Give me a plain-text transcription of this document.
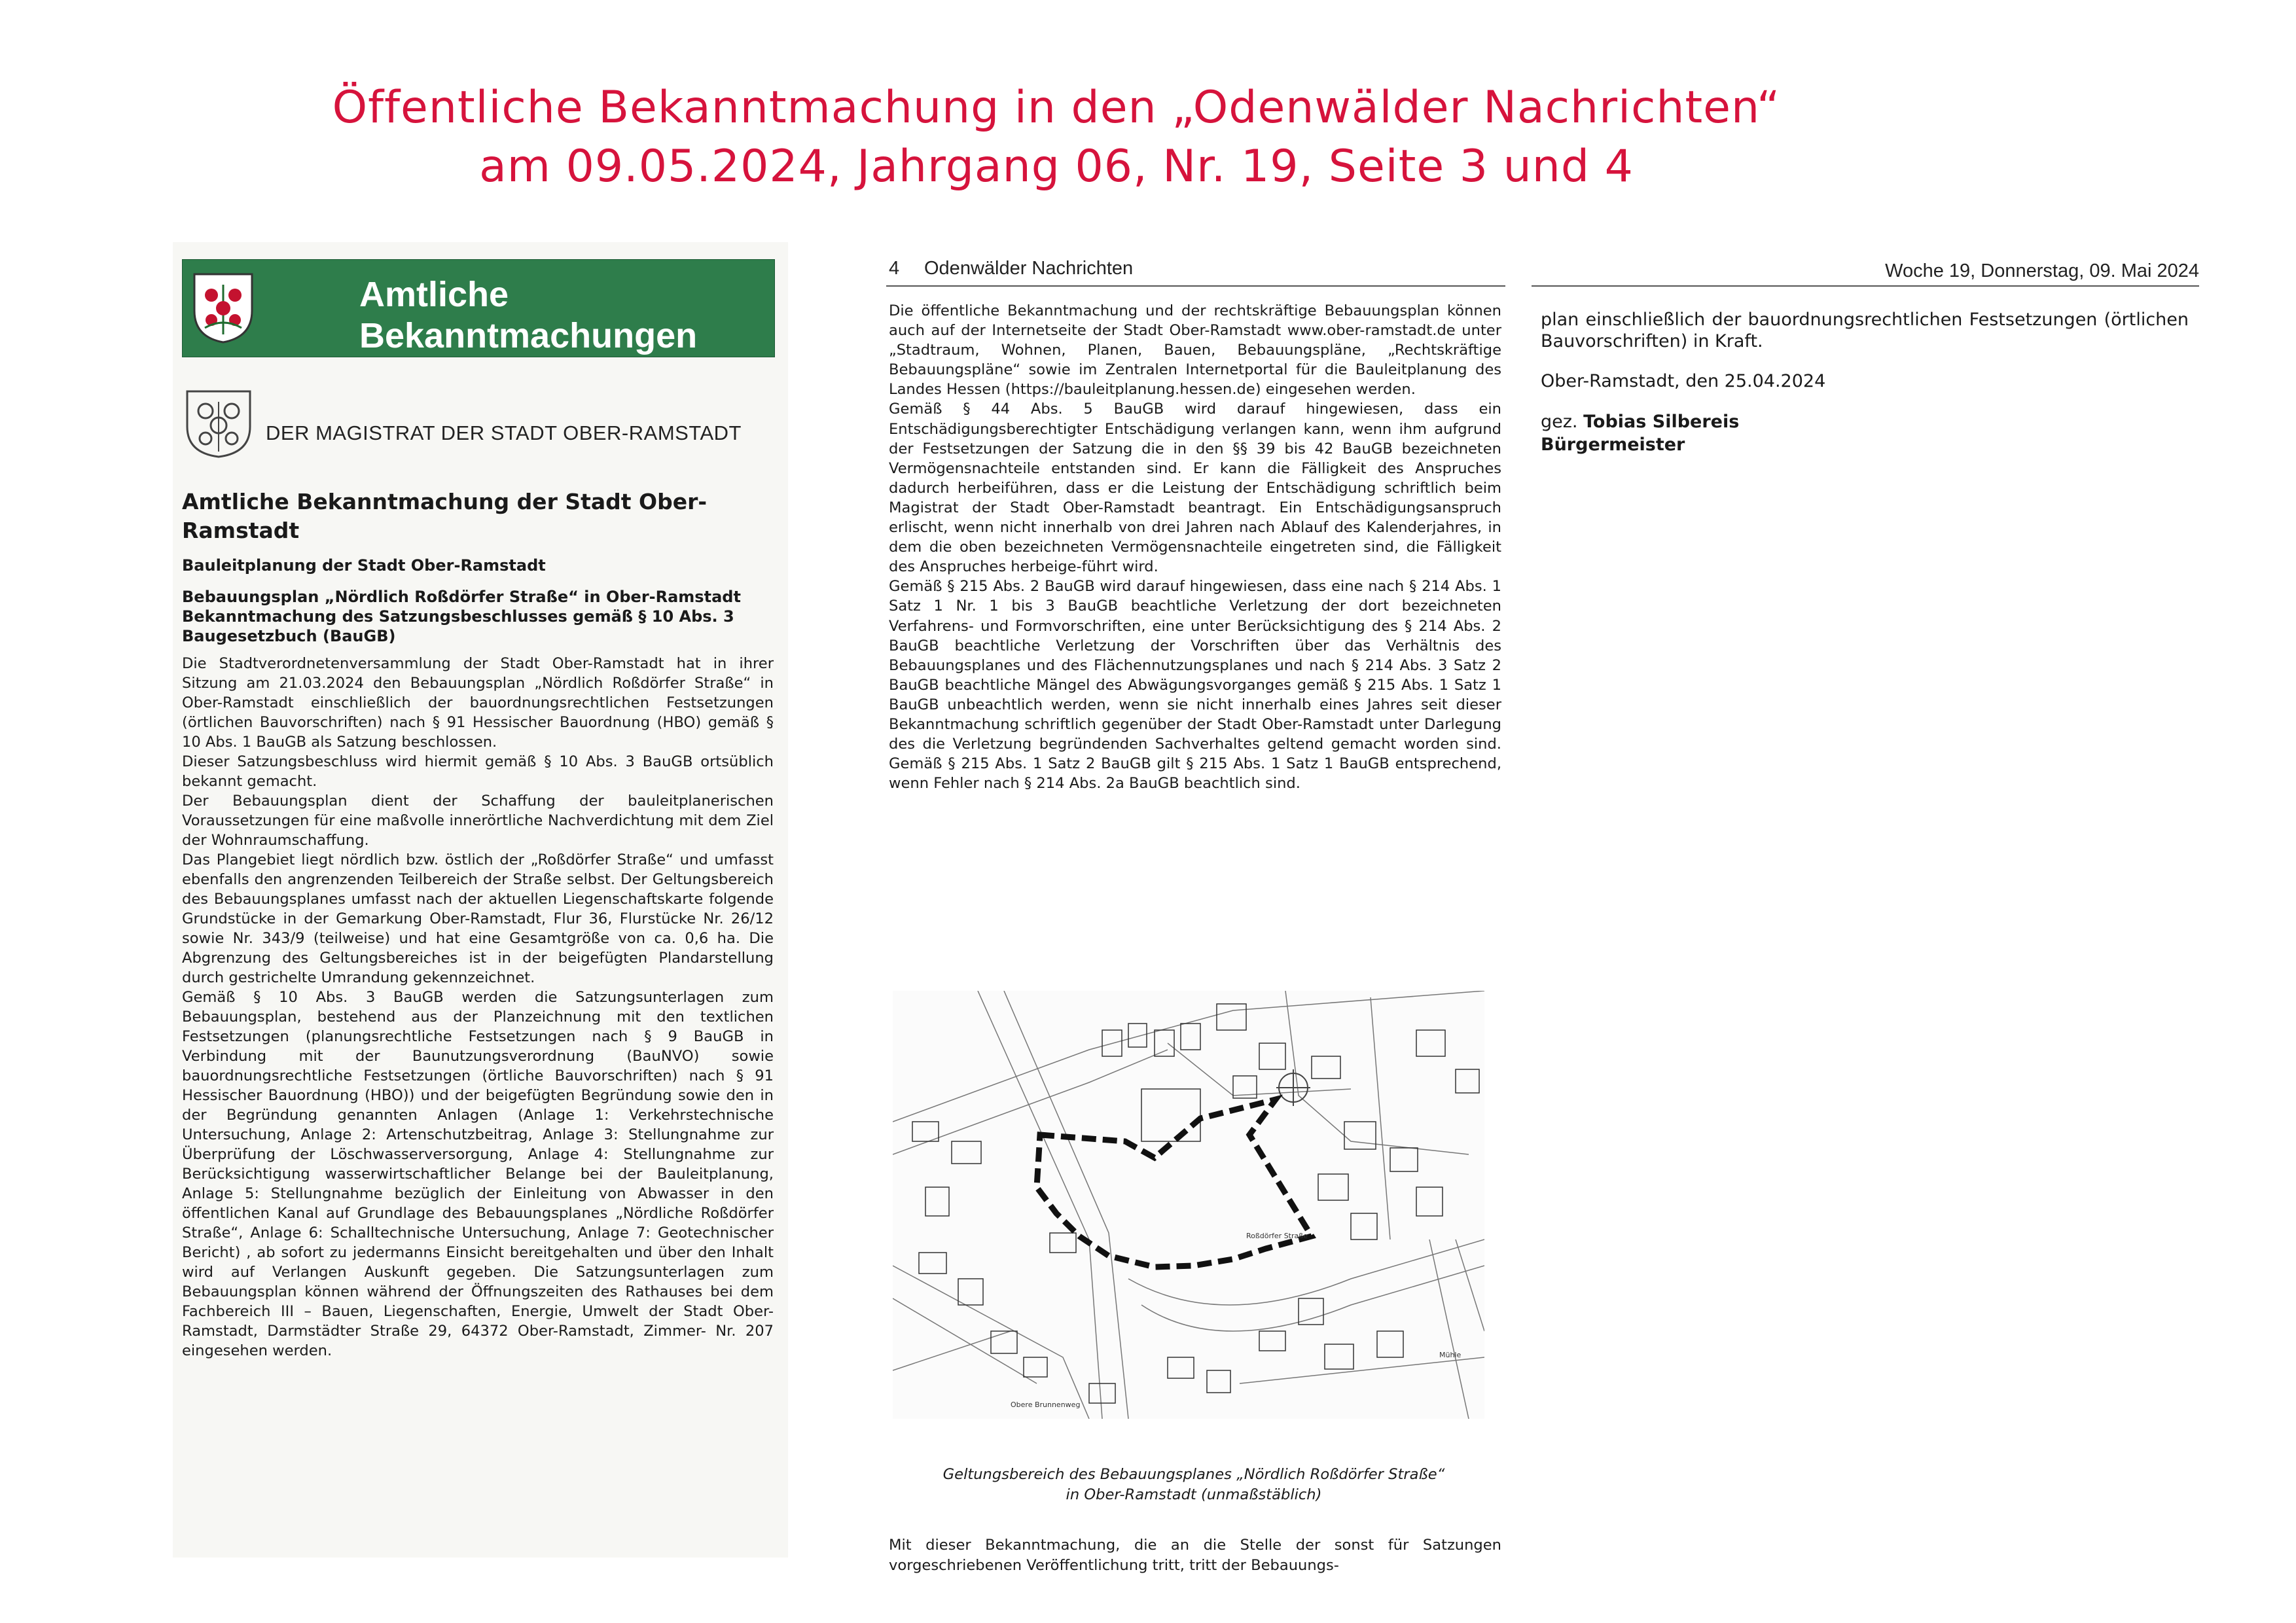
Öffentliche Bekanntmachung in den „Odenwälder Nachrichten“
am 09.05.2024, Jahrgang 06, Nr. 19, Seite 3 und 4
Amtliche
Bekanntmachungen
DER MAGISTRAT DER STADT OBER-RAMSTADT

Amtliche Bekanntmachung der Stadt Ober-Ramstadt

Bauleitplanung der Stadt Ober-Ramstadt

Bebauungsplan „Nördlich Roßdörfer Straße“ in Ober-Ramstadt Bekanntmachung des Satzungsbeschlusses gemäß § 10 Abs. 3 Baugesetzbuch (BauGB)

Die Stadtverordnetenversammlung der Stadt Ober-Ramstadt hat in ihrer Sitzung am 21.03.2024 den Bebauungsplan „Nördlich Roßdörfer Straße“ in Ober-Ramstadt einschließlich der bauordnungsrechtlichen Festsetzungen (örtlichen Bauvorschriften) nach § 91 Hessischer Bauordnung (HBO) gemäß § 10 Abs. 1 BauGB als Satzung beschlossen.

Dieser Satzungsbeschluss wird hiermit gemäß § 10 Abs. 3 BauGB ortsüblich bekannt gemacht.

Der Bebauungsplan dient der Schaffung der bauleitplanerischen Voraussetzungen für eine maßvolle innerörtliche Nachverdichtung mit dem Ziel der Wohnraumschaffung.

Das Plangebiet liegt nördlich bzw. östlich der „Roßdörfer Straße“ und umfasst ebenfalls den angrenzenden Teilbereich der Straße selbst. Der Geltungsbereich des Bebauungsplanes umfasst nach der aktuellen Liegenschaftskarte folgende Grundstücke in der Gemarkung Ober-Ramstadt, Flur 36, Flurstücke Nr. 26/12 sowie Nr. 343/9 (teilweise) und hat eine Gesamtgröße von ca. 0,6 ha. Die Abgrenzung des Geltungsbereiches ist in der beigefügten Plandarstellung durch gestrichelte Umrandung gekennzeichnet.

Gemäß § 10 Abs. 3 BauGB werden die Satzungsunterlagen zum Bebauungsplan, bestehend aus der Planzeichnung mit den textlichen Festsetzungen (planungsrechtliche Festsetzungen nach § 9 BauGB in Verbindung mit der Baunutzungsverordnung (BauNVO) sowie bauordnungsrechtliche Festsetzungen (örtliche Bauvorschriften) nach § 91 Hessischer Bauordnung (HBO)) und der beigefügten Begründung sowie den in der Begründung genannten Anlagen (Anlage 1: Verkehrstechnische Untersuchung, Anlage 2: Artenschutzbeitrag, Anlage 3: Stellungnahme zur Überprüfung der Löschwasserversorgung, Anlage 4: Stellungnahme zur Berücksichtigung wasserwirtschaftlicher Belange bei der Bauleitplanung, Anlage 5: Stellungnahme bezüglich der Einleitung von Abwasser in den öffentlichen Kanal auf Grundlage des Bebauungsplanes „Nördliche Roßdörfer Straße“, Anlage 6: Schalltechnische Untersuchung, Anlage 7: Geotechnischer Bericht) , ab sofort zu jedermanns Einsicht bereitgehalten und über den Inhalt wird auf Verlangen Auskunft gegeben. Die Satzungsunterlagen zum Bebauungsplan können während der Öffnungszeiten des Rathauses bei dem Fachbereich III – Bauen, Liegenschaften, Energie, Umwelt der Stadt Ober-Ramstadt, Darmstädter Straße 29, 64372 Ober-Ramstadt, Zimmer- Nr. 207 eingesehen werden.

4 Odenwälder Nachrichten	Woche 19, Donnerstag, 09. Mai 2024

Die öffentliche Bekanntmachung und der rechtskräftige Bebauungsplan können auch auf der Internetseite der Stadt Ober-Ramstadt www.ober-ramstadt.de unter „Stadtraum, Wohnen, Planen, Bauen, Bebauungspläne, „Rechtskräftige Bebauungspläne“ sowie im Zentralen Internetportal für die Bauleitplanung des Landes Hessen (https://bauleitplanung.hessen.de) eingesehen werden.

Gemäß § 44 Abs. 5 BauGB wird darauf hingewiesen, dass ein Entschädigungsberechtigter Entschädigung verlangen kann, wenn ihm aufgrund der Festsetzungen der Satzung die in den §§ 39 bis 42 BauGB bezeichneten Vermögensnachteile entstanden sind. Er kann die Fälligkeit des Anspruches dadurch herbeiführen, dass er die Leistung der Entschädigung schriftlich beim Magistrat der Stadt Ober-Ramstadt beantragt. Ein Entschädigungsanspruch erlischt, wenn nicht innerhalb von drei Jahren nach Ablauf des Kalenderjahres, in dem die oben bezeichneten Vermögensnachteile eingetreten sind, die Fälligkeit des Anspruches herbeige-führt wird.

Gemäß § 215 Abs. 2 BauGB wird darauf hingewiesen, dass eine nach § 214 Abs. 1 Satz 1 Nr. 1 bis 3 BauGB beachtliche Verletzung der dort bezeichneten Verfahrens- und Formvorschriften, eine unter Berücksichtigung des § 214 Abs. 2 BauGB beachtliche Verletzung der Vorschriften über das Verhältnis des Bebauungsplanes und des Flächennutzungsplanes und nach § 214 Abs. 3 Satz 2 BauGB beachtliche Mängel des Abwägungsvorganges gemäß § 215 Abs. 1 Satz 1 BauGB unbeachtlich werden, wenn sie nicht innerhalb eines Jahres seit dieser Bekanntmachung schriftlich gegenüber der Stadt Ober-Ramstadt unter Darlegung des die Verletzung begründenden Sachverhaltes geltend gemacht worden sind. Gemäß § 215 Abs. 1 Satz 2 BauGB gilt § 215 Abs. 1 Satz 1 BauGB entsprechend, wenn Fehler nach § 214 Abs. 2a BauGB beachtlich sind.

Roßdörfer Straße
Obere Brunnenweg
Mühle
Geltungsbereich des Bebauungsplanes „Nördlich Roßdörfer Straße“
in Ober-Ramstadt (unmaßstäblich)
Mit dieser Bekanntmachung, die an die Stelle der sonst für Satzungen vorgeschriebenen Veröffentlichung tritt, tritt der Bebauungs-

plan einschließlich der bauordnungsrechtlichen Festsetzungen (örtlichen Bauvorschriften) in Kraft.

Ober-Ramstadt, den 25.04.2024

gez. Tobias Silbereis

Bürgermeister
